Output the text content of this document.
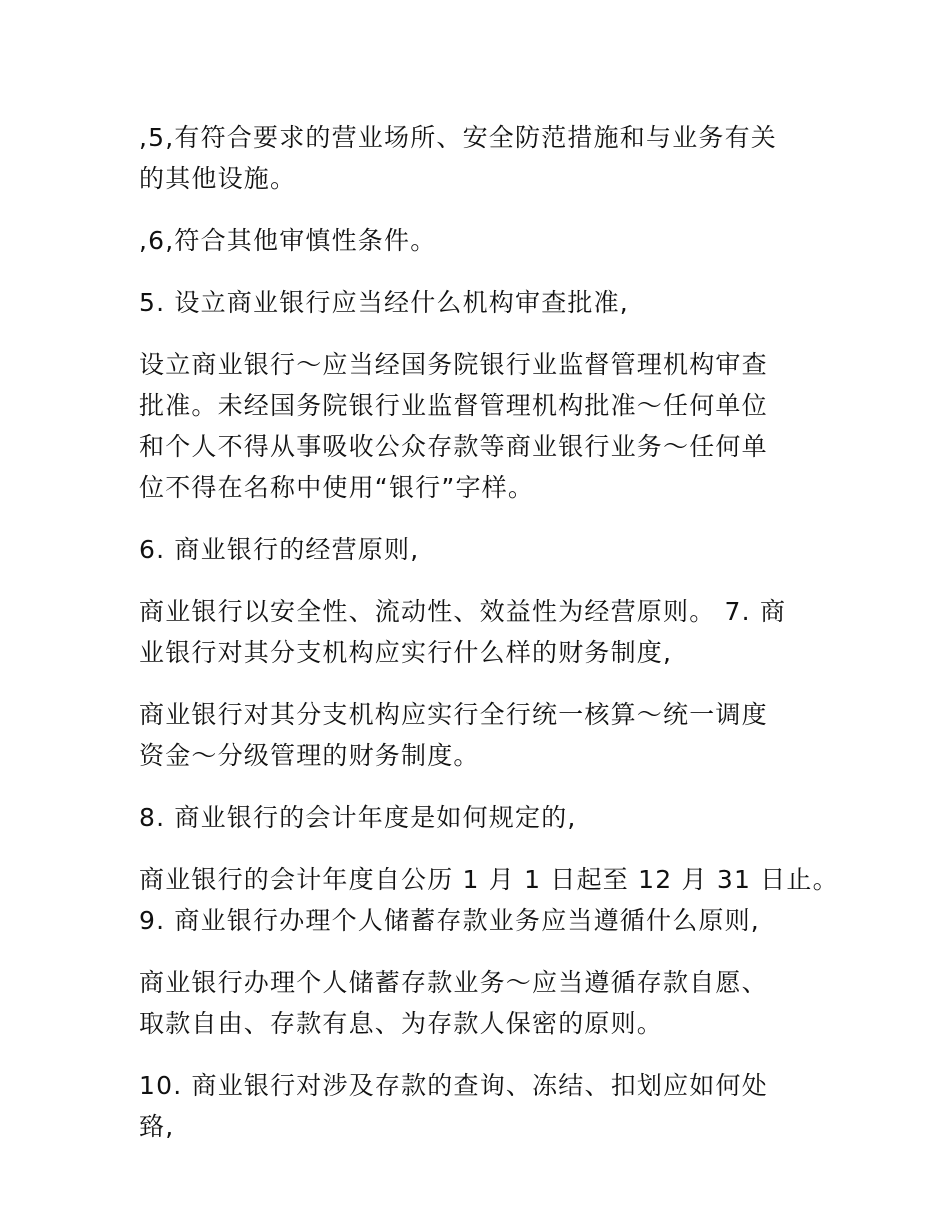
,5,有符合要求的营业场所、安全防范措施和与业务有关
的其他设施。

,6,符合其他审慎性条件。

5. 设立商业银行应当经什么机构审查批准,

设立商业银行～应当经国务院银行业监督管理机构审查
批准。未经国务院银行业监督管理机构批准～任何单位
和个人不得从事吸收公众存款等商业银行业务～任何单
位不得在名称中使用“银行”字样。

6. 商业银行的经营原则,

商业银行以安全性、流动性、效益性为经营原则。 7. 商
业银行对其分支机构应实行什么样的财务制度,

商业银行对其分支机构应实行全行统一核算～统一调度
资金～分级管理的财务制度。

8. 商业银行的会计年度是如何规定的,

商业银行的会计年度自公历 1 月 1 日起至 12 月 31 日止。
9. 商业银行办理个人储蓄存款业务应当遵循什么原则,

商业银行办理个人储蓄存款业务～应当遵循存款自愿、
取款自由、存款有息、为存款人保密的原则。

10. 商业银行对涉及存款的查询、冻结、扣划应如何处
臵,
